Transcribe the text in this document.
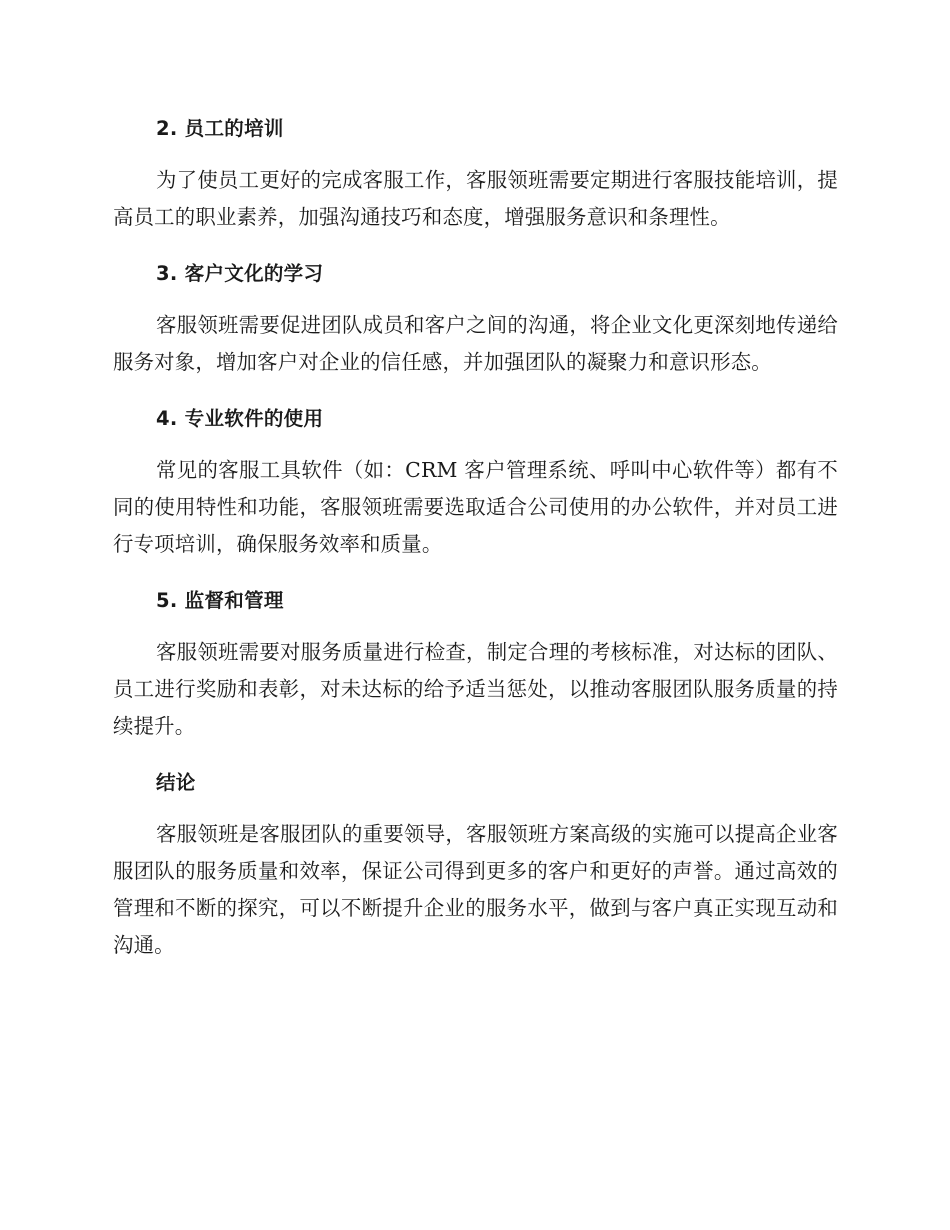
2. 员工的培训

为了使员工更好的完成客服工作，客服领班需要定期进行客服技能培训，提高员工的职业素养，加强沟通技巧和态度，增强服务意识和条理性。

3. 客户文化的学习

客服领班需要促进团队成员和客户之间的沟通，将企业文化更深刻地传递给服务对象，增加客户对企业的信任感，并加强团队的凝聚力和意识形态。

4. 专业软件的使用

常见的客服工具软件（如：CRM 客户管理系统、呼叫中心软件等）都有不同的使用特性和功能，客服领班需要选取适合公司使用的办公软件，并对员工进行专项培训，确保服务效率和质量。

5. 监督和管理

客服领班需要对服务质量进行检查，制定合理的考核标准，对达标的团队、员工进行奖励和表彰，对未达标的给予适当惩处，以推动客服团队服务质量的持续提升。

结论

客服领班是客服团队的重要领导，客服领班方案高级的实施可以提高企业客服团队的服务质量和效率，保证公司得到更多的客户和更好的声誉。通过高效的管理和不断的探究，可以不断提升企业的服务水平，做到与客户真正实现互动和沟通。
